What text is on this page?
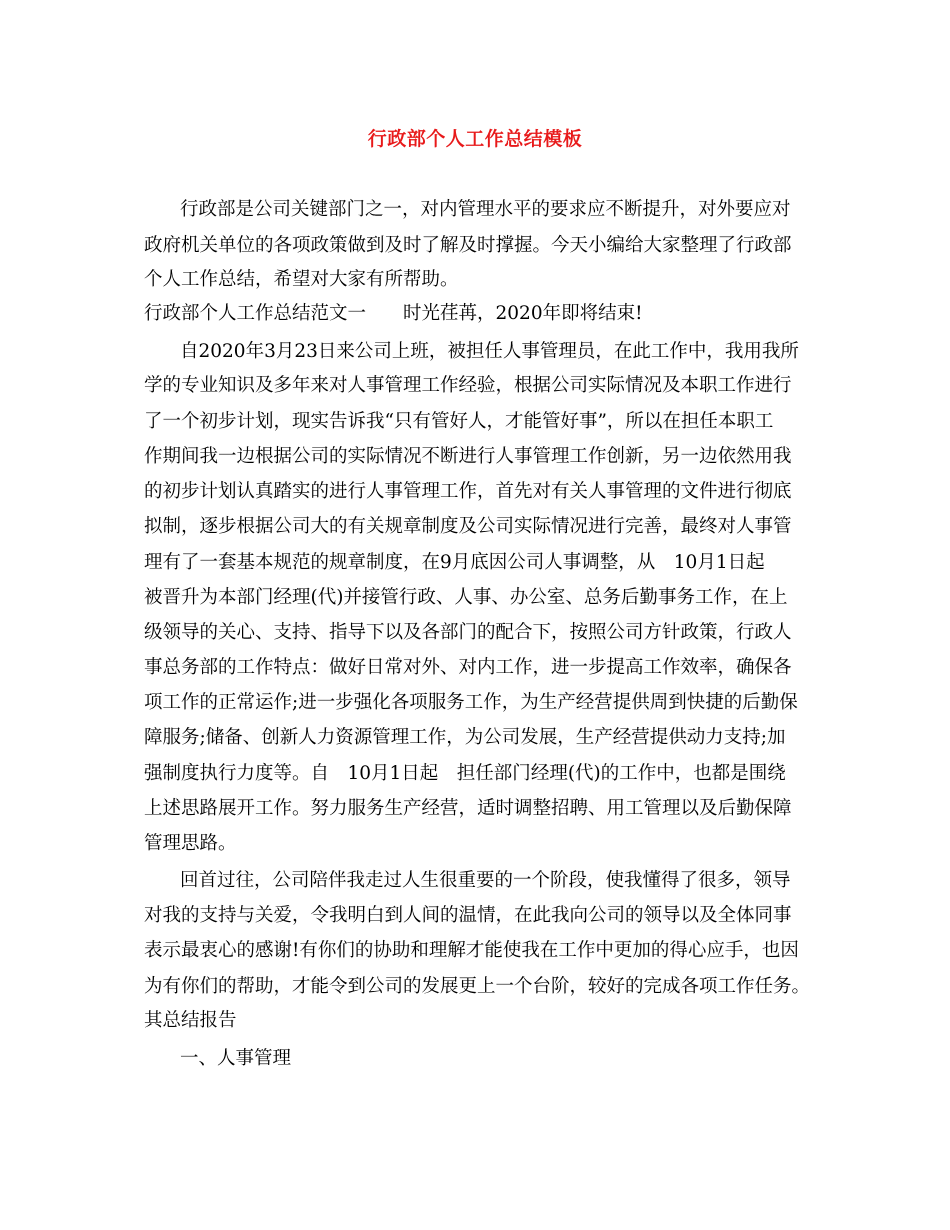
行政部个人工作总结模板
行政部是公司关键部门之一，对内管理水平的要求应不断提升，对外要应对
政府机关单位的各项政策做到及时了解及时撑握。今天小编给大家整理了行政部
个人工作总结，希望对大家有所帮助。
行政部个人工作总结范文一　　时光荏苒，2020年即将结束!
自2020年3月23日来公司上班，被担任人事管理员，在此工作中，我用我所
学的专业知识及多年来对人事管理工作经验，根据公司实际情况及本职工作进行
了一个初步计划，现实告诉我“只有管好人，才能管好事”，所以在担任本职工
作期间我一边根据公司的实际情况不断进行人事管理工作创新，另一边依然用我
的初步计划认真踏实的进行人事管理工作，首先对有关人事管理的文件进行彻底
拟制，逐步根据公司大的有关规章制度及公司实际情况进行完善，最终对人事管
理有了一套基本规范的规章制度，在9月底因公司人事调整，从　10月1日起
被晋升为本部门经理(代)并接管行政、人事、办公室、总务后勤事务工作，在上
级领导的关心、支持、指导下以及各部门的配合下，按照公司方针政策，行政人
事总务部的工作特点：做好日常对外、对内工作，进一步提高工作效率，确保各
项工作的正常运作;进一步强化各项服务工作，为生产经营提供周到快捷的后勤保
障服务;储备、创新人力资源管理工作，为公司发展，生产经营提供动力支持;加
强制度执行力度等。自　10月1日起　担任部门经理(代)的工作中，也都是围绕
上述思路展开工作。努力服务生产经营，适时调整招聘、用工管理以及后勤保障
管理思路。
回首过往，公司陪伴我走过人生很重要的一个阶段，使我懂得了很多，领导
对我的支持与关爱，令我明白到人间的温情，在此我向公司的领导以及全体同事
表示最衷心的感谢!有你们的协助和理解才能使我在工作中更加的得心应手，也因
为有你们的帮助，才能令到公司的发展更上一个台阶，较好的完成各项工作任务。
其总结报告
一、人事管理
